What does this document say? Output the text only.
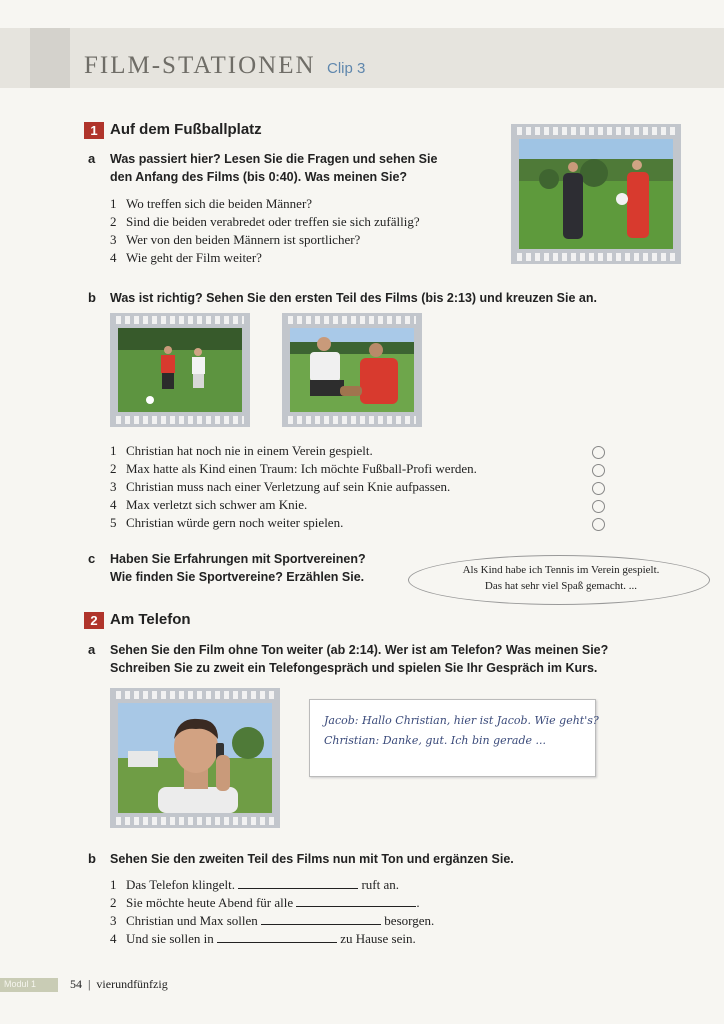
FILM-STATIONEN Clip 3
1 Auf dem Fußballplatz
a Was passiert hier? Lesen Sie die Fragen und sehen Sie
den Anfang des Films (bis 0:40). Was meinen Sie?
1 Wo treffen sich die beiden Männer?
2 Sind die beiden verabredet oder treffen sie sich zufällig?
3 Wer von den beiden Männern ist sportlicher?
4 Wie geht der Film weiter?
b Was ist richtig? Sehen Sie den ersten Teil des Films (bis 2:13) und kreuzen Sie an.
1 Christian hat noch nie in einem Verein gespielt.
2 Max hatte als Kind einen Traum: Ich möchte Fußball-Profi werden.
3 Christian muss nach einer Verletzung auf sein Knie aufpassen.
4 Max verletzt sich schwer am Knie.
5 Christian würde gern noch weiter spielen.
c Haben Sie Erfahrungen mit Sportvereinen?
Wie finden Sie Sportvereine? Erzählen Sie.	Als Kind habe ich Tennis im Verein gespielt.
Das hat sehr viel Spaß gemacht. ...
2 Am Telefon
a Sehen Sie den Film ohne Ton weiter (ab 2:14). Wer ist am Telefon? Was meinen Sie?
Schreiben Sie zu zweit ein Telefongespräch und spielen Sie Ihr Gespräch im Kurs.
Jacob: Hallo Christian, hier ist Jacob. Wie geht's?
Christian: Danke, gut. Ich bin gerade ...
b Sehen Sie den zweiten Teil des Films nun mit Ton und ergänzen Sie.
1 Das Telefon klingelt.	ruft an.
2 Sie möchte heute Abend für alle	.
3 Christian und Max sollen	besorgen.
4 Und sie sollen in	zu Hause sein.
Modul 1	54  |  vierundfünfzig
